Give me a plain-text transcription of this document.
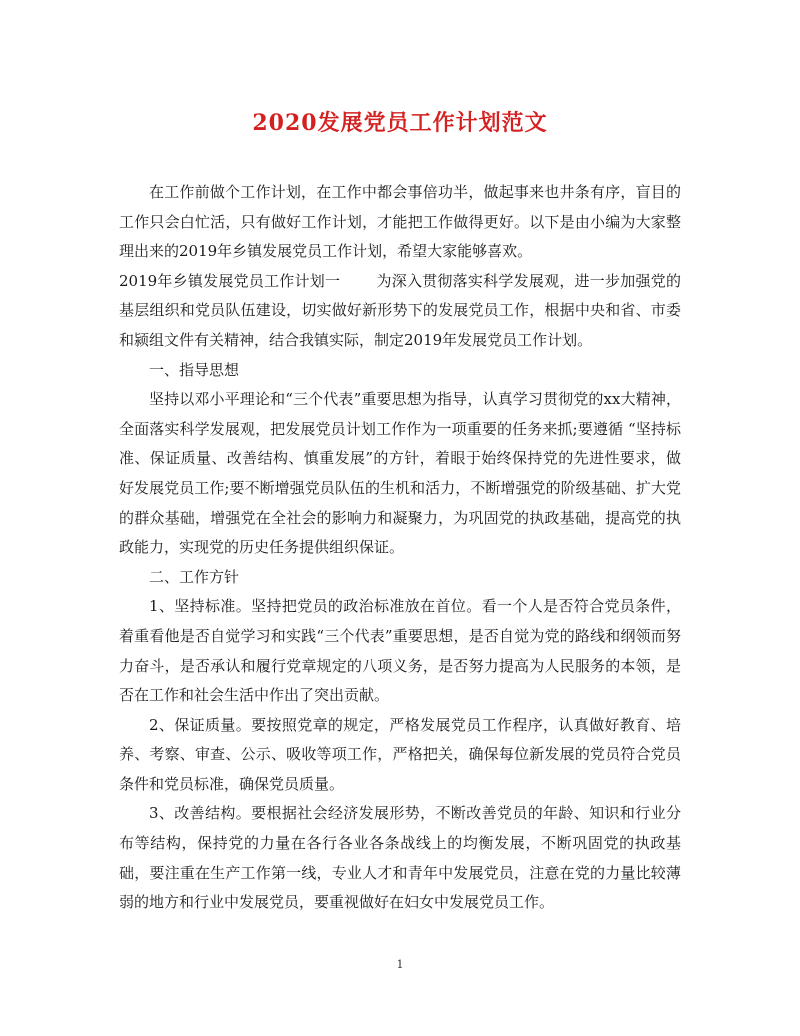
2020发展党员工作计划范文

在工作前做个工作计划，在工作中都会事倍功半，做起事来也井条有序，盲目的工作只会白忙活，只有做好工作计划，才能把工作做得更好。以下是由小编为大家整理出来的2019年乡镇发展党员工作计划，希望大家能够喜欢。

2019年乡镇发展党员工作计划一 为深入贯彻落实科学发展观，进一步加强党的基层组织和党员队伍建设，切实做好新形势下的发展党员工作，根据中央和省、市委和颍组文件有关精神，结合我镇实际，制定2019年发展党员工作计划。

一、指导思想

坚持以邓小平理论和“三个代表”重要思想为指导，认真学习贯彻党的xx大精神，全面落实科学发展观，把发展党员计划工作作为一项重要的任务来抓;要遵循 “坚持标准、保证质量、改善结构、慎重发展”的方针，着眼于始终保持党的先进性要求，做好发展党员工作;要不断增强党员队伍的生机和活力，不断增强党的阶级基础、扩大党的群众基础，增强党在全社会的影响力和凝聚力，为巩固党的执政基础，提高党的执政能力，实现党的历史任务提供组织保证。

二、工作方针

1、坚持标准。坚持把党员的政治标准放在首位。看一个人是否符合党员条件，着重看他是否自觉学习和实践“三个代表”重要思想，是否自觉为党的路线和纲领而努力奋斗，是否承认和履行党章规定的八项义务，是否努力提高为人民服务的本领，是否在工作和社会生活中作出了突出贡献。

2、保证质量。要按照党章的规定，严格发展党员工作程序，认真做好教育、培养、考察、审查、公示、吸收等项工作，严格把关，确保每位新发展的党员符合党员条件和党员标准，确保党员质量。

3、改善结构。要根据社会经济发展形势，不断改善党员的年龄、知识和行业分布等结构，保持党的力量在各行各业各条战线上的均衡发展，不断巩固党的执政基础，要注重在生产工作第一线，专业人才和青年中发展党员，注意在党的力量比较薄弱的地方和行业中发展党员，要重视做好在妇女中发展党员工作。

1
